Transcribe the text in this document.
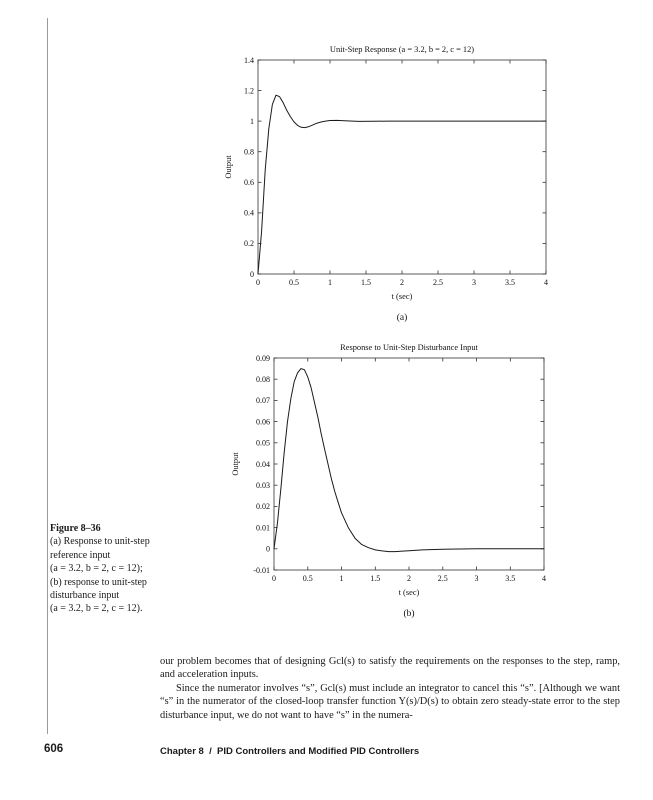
0	0.5	1	1.5	2	2.5	3	3.5	4
0
0.2
0.4
0.6
0.8
1
1.2
1.4
Unit-Step Response (a = 3.2, b = 2, c = 12)
t (sec)
Output
(a)
0	0.5	1	1.5	2	2.5	3	3.5	4
-0.01
0
0.01
0.02
0.03
0.04
0.05
0.06
0.07
0.08
0.09
Response to Unit-Step Disturbance Input
t (sec)
Output
(b)
Figure 8–36
(a) Response to unit-step
reference input
(a = 3.2, b = 2, c = 12);
(b) response to unit-step
disturbance input
(a = 3.2, b = 2, c = 12).

our problem becomes that of designing Gcl(s) to satisfy the requirements on the responses to the step, ramp, and acceleration inputs.

Since the numerator involves “s”, Gcl(s) must include an integrator to cancel this “s”. [Although we want “s” in the numerator of the closed-loop transfer function Y(s)/D(s) to obtain zero steady-state error to the step disturbance input, we do not want to have “s” in the numera-

606	Chapter 8  /  PID Controllers and Modified PID Controllers
